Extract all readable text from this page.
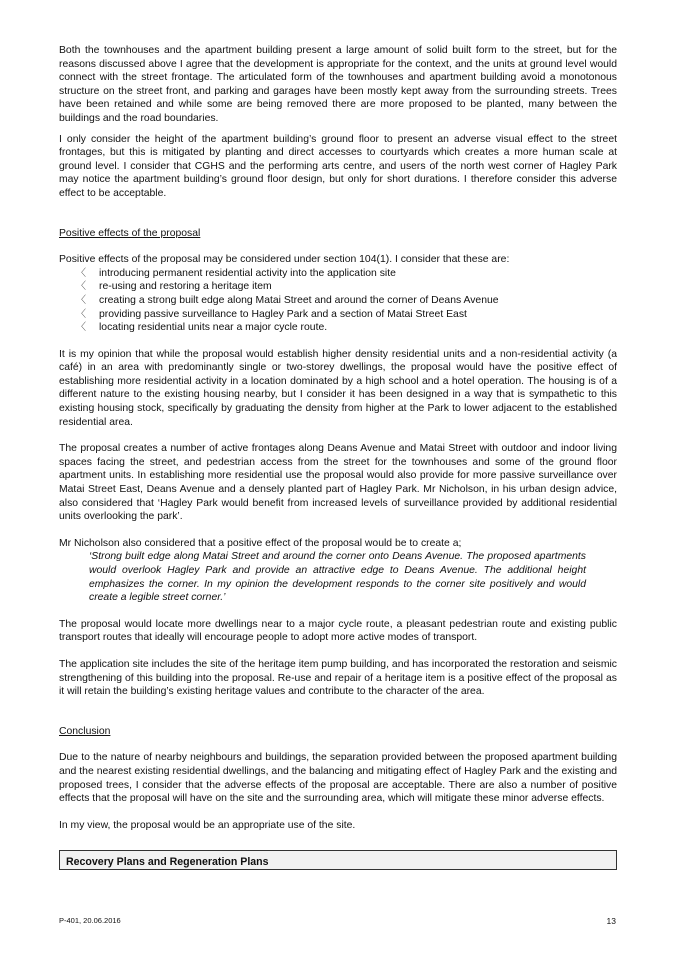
Both the townhouses and the apartment building present a large amount of solid built form to the street, but for the reasons discussed above I agree that the development is appropriate for the context, and the units at ground level would connect with the street frontage. The articulated form of the townhouses and apartment building avoid a monotonous structure on the street front, and parking and garages have been mostly kept away from the surrounding streets. Trees have been retained and while some are being removed there are more proposed to be planted, many between the buildings and the road boundaries.

I only consider the height of the apartment building’s ground floor to present an adverse visual effect to the street frontages, but this is mitigated by planting and direct accesses to courtyards which creates a more human scale at ground level. I consider that CGHS and the performing arts centre, and users of the north west corner of Hagley Park may notice the apartment building’s ground floor design, but only for short durations. I therefore consider this adverse effect to be acceptable.

Positive effects of the proposal

Positive effects of the proposal may be considered under section 104(1). I consider that these are:

〈 introducing permanent residential activity into the application site
〈 re-using and restoring a heritage item
〈 creating a strong built edge along Matai Street and around the corner of Deans Avenue
〈 providing passive surveillance to Hagley Park and a section of Matai Street East
〈 locating residential units near a major cycle route.

It is my opinion that while the proposal would establish higher density residential units and a non-residential activity (a café) in an area with predominantly single or two-storey dwellings, the proposal would have the positive effect of establishing more residential activity in a location dominated by a high school and a hotel operation. The housing is of a different nature to the existing housing nearby, but I consider it has been designed in a way that is sympathetic to this existing housing stock, specifically by graduating the density from higher at the Park to lower adjacent to the established residential area.

The proposal creates a number of active frontages along Deans Avenue and Matai Street with outdoor and indoor living spaces facing the street, and pedestrian access from the street for the townhouses and some of the ground floor apartment units. In establishing more residential use the proposal would also provide for more passive surveillance over Matai Street East, Deans Avenue and a densely planted part of Hagley Park. Mr Nicholson, in his urban design advice, also considered that ‘Hagley Park would benefit from increased levels of surveillance provided by additional residential units overlooking the park’.

Mr Nicholson also considered that a positive effect of the proposal would be to create a;

‘Strong built edge along Matai Street and around the corner onto Deans Avenue. The proposed apartments would overlook Hagley Park and provide an attractive edge to Deans Avenue. The additional height emphasizes the corner. In my opinion the development responds to the corner site positively and would create a legible street corner.’

The proposal would locate more dwellings near to a major cycle route, a pleasant pedestrian route and existing public transport routes that ideally will encourage people to adopt more active modes of transport.

The application site includes the site of the heritage item pump building, and has incorporated the restoration and seismic strengthening of this building into the proposal. Re-use and repair of a heritage item is a positive effect of the proposal as it will retain the building’s existing heritage values and contribute to the character of the area.

Conclusion

Due to the nature of nearby neighbours and buildings, the separation provided between the proposed apartment building and the nearest existing residential dwellings, and the balancing and mitigating effect of Hagley Park and the existing and proposed trees, I consider that the adverse effects of the proposal are acceptable. There are also a number of positive effects that the proposal will have on the site and the surrounding area, which will mitigate these minor adverse effects.

In my view, the proposal would be an appropriate use of the site.

Recovery Plans and Regeneration Plans
P-401, 20.06.2016	13
